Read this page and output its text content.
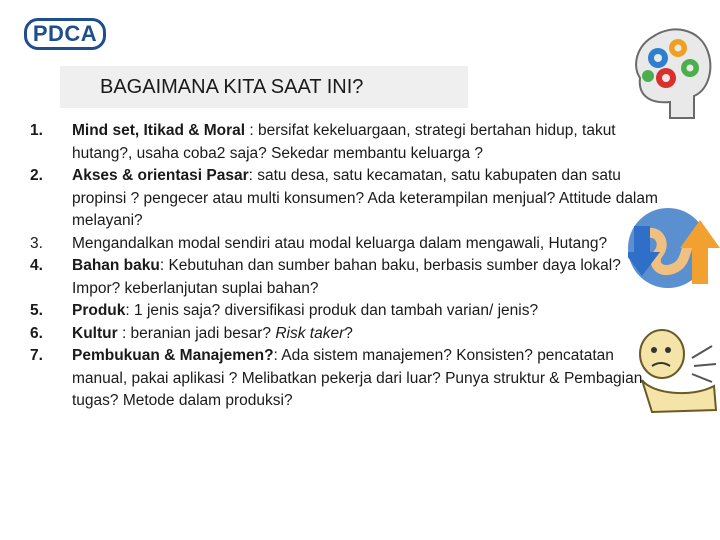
PDCA
BAGAIMANA KITA SAAT INI?
1.	Mind set, Itikad & Moral : bersifat kekeluargaan, strategi bertahan hidup, takut hutang?, usaha coba2 saja? Sekedar membantu keluarga ?
2.	Akses & orientasi Pasar: satu desa, satu kecamatan, satu kabupaten dan satu propinsi ? pengecer atau multi konsumen? Ada keterampilan menjual? Attitude dalam melayani?
3.	Mengandalkan modal sendiri atau modal keluarga dalam mengawali, Hutang?
4.	Bahan baku: Kebutuhan dan sumber bahan baku, berbasis sumber daya lokal? Impor? keberlanjutan suplai bahan?
5.	Produk: 1 jenis saja? diversifikasi produk dan tambah varian/ jenis?
6.	Kultur : beranian jadi besar? Risk taker?
7.	Pembukuan & Manajemen?: Ada sistem manajemen? Konsisten? pencatatan manual, pakai aplikasi ? Melibatkan pekerja dari luar? Punya struktur & Pembagian tugas? Metode dalam produksi?
